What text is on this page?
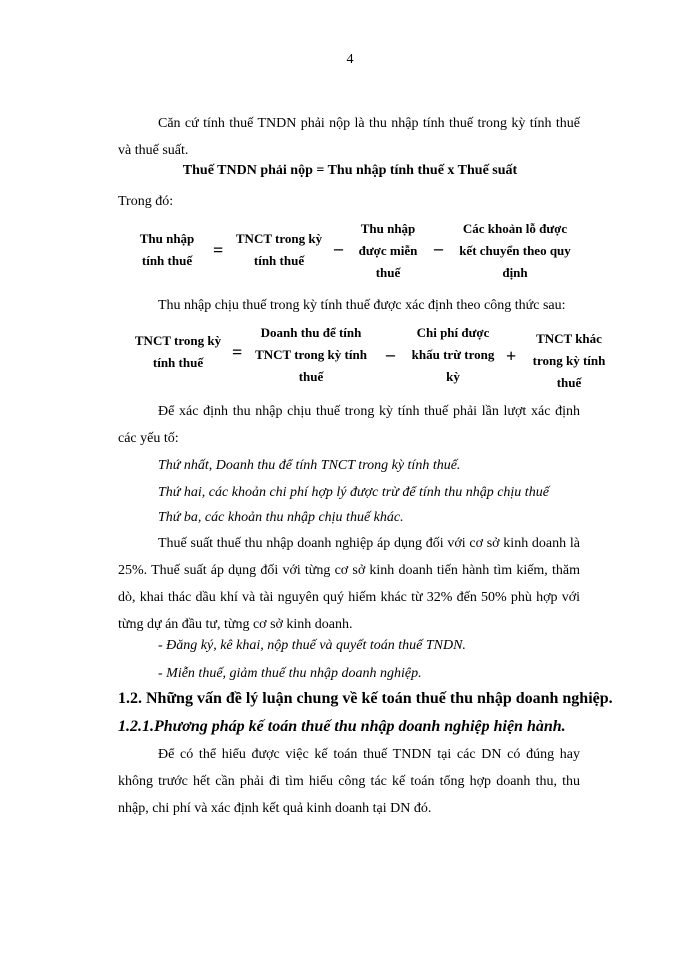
4
Căn cứ tính thuế TNDN phải nộp là thu nhập tính thuế trong kỳ tính thuế và thuế suất.
Thuế TNDN phải nộp = Thu nhập tính thuế x Thuế suất
Trong đó:
Thu nhập tính thuế
=
TNCT trong kỳ tính thuế
–
Thu nhập được miễn thuế
–
Các khoản lỗ được kết chuyển theo quy định
Thu nhập chịu thuế trong kỳ tính thuế được xác định theo công thức sau:
TNCT trong kỳ tính thuế
=
Doanh thu để tính TNCT trong kỳ tính thuế
–
Chi phí được khấu trừ trong kỳ
+
TNCT khác trong kỳ tính thuế
Để xác định thu nhập chịu thuế trong kỳ tính thuế phải lần lượt xác định các yếu tố:
Thứ nhất, Doanh thu để tính TNCT trong kỳ tính thuế.
Thứ hai, các khoản chi phí hợp lý được trừ để tính thu nhập chịu thuế
Thứ ba, các khoản thu nhập chịu thuế khác.
Thuế suất thuế thu nhập doanh nghiệp áp dụng đối với cơ sở kinh doanh là 25%. Thuế suất áp dụng đối với từng cơ sở kinh doanh tiến hành tìm kiếm, thăm dò, khai thác dầu khí và tài nguyên quý hiếm khác từ 32% đến 50% phù hợp với từng dự án đầu tư, từng cơ sở kinh doanh.
- Đăng ký, kê khai, nộp thuế và quyết toán thuế TNDN.
- Miễn thuế, giảm thuế thu nhập doanh nghiệp.
1.2. Những vấn đề lý luận chung về kế toán thuế thu nhập doanh nghiệp.
1.2.1.Phương pháp kế toán thuế thu nhập doanh nghiệp hiện hành.
Để có thể hiểu được việc kế toán thuế TNDN tại các DN có đúng hay không trước hết cần phải đi tìm hiểu công tác kế toán tổng hợp doanh thu, thu nhập, chi phí và xác định kết quả kinh doanh tại DN đó.
